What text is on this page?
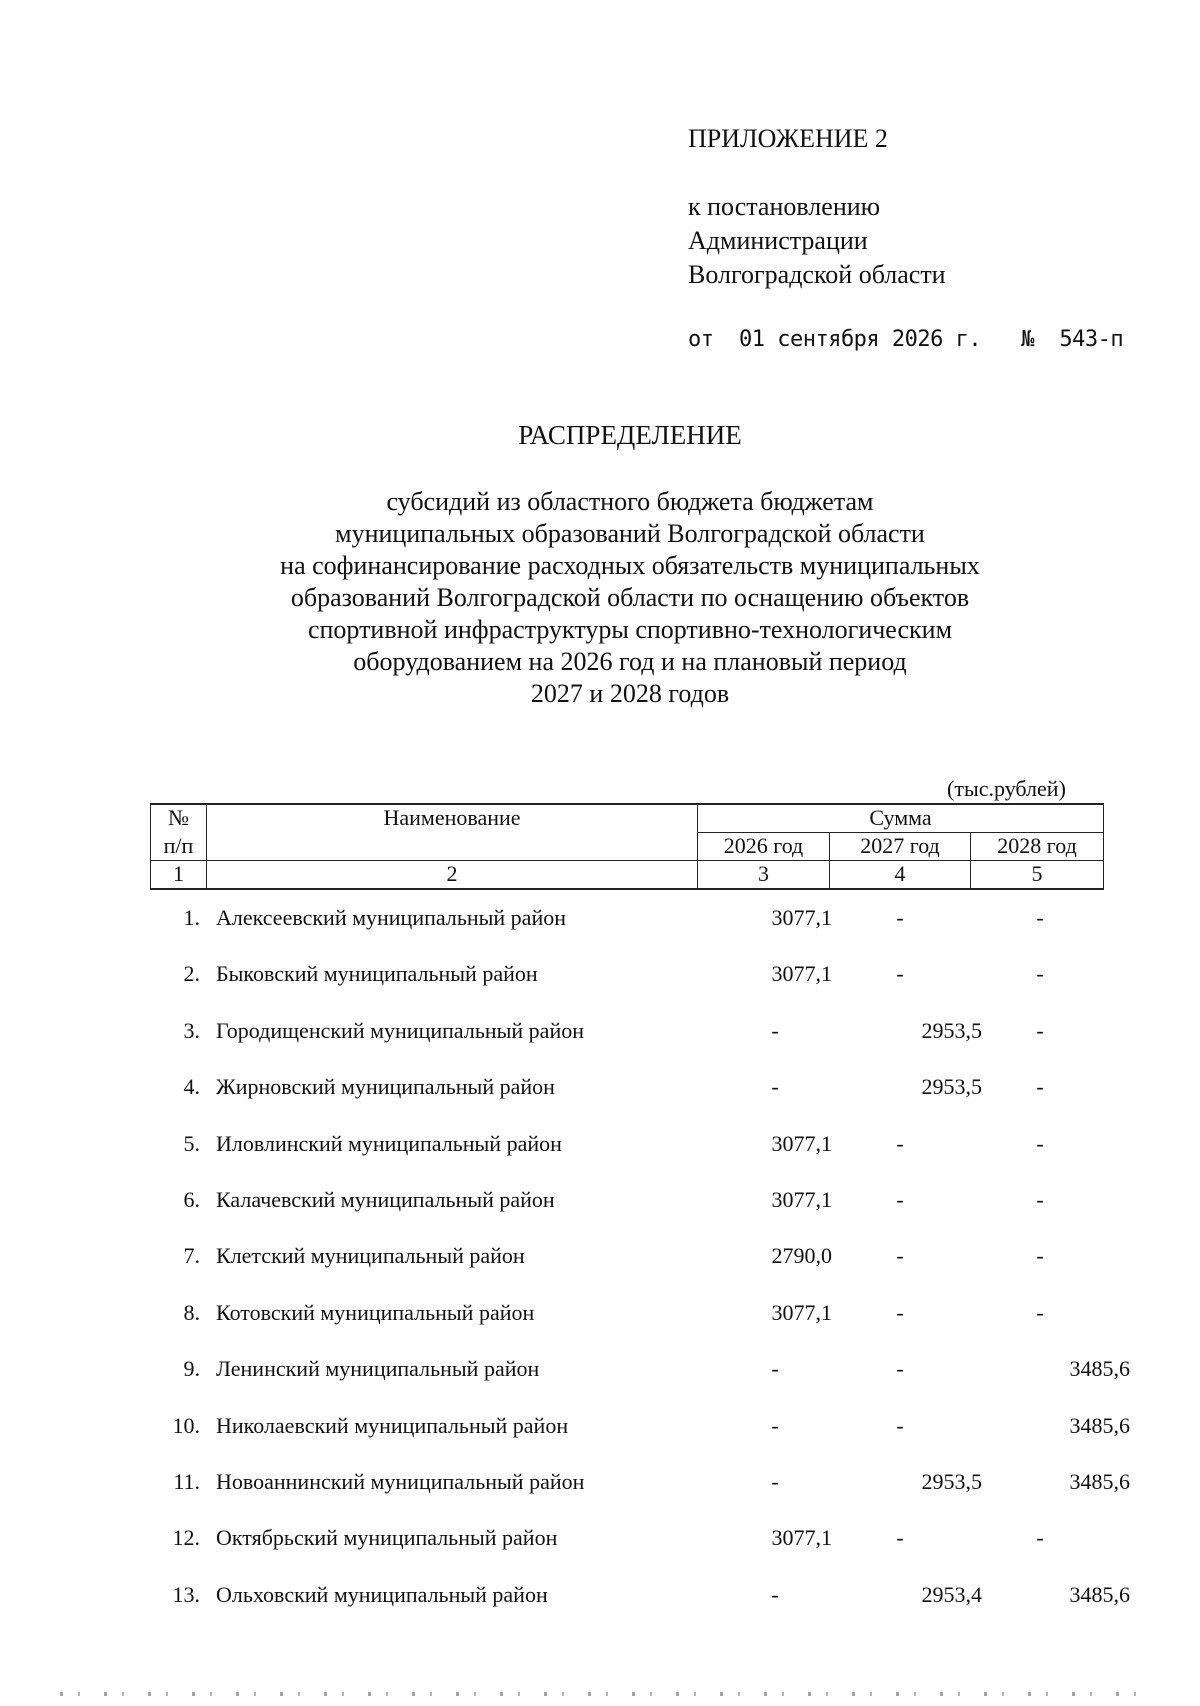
ПРИЛОЖЕНИЕ 2
к постановлению
Администрации
Волгоградской области
от  01 сентября 2026 г. №  543-п
РАСПРЕДЕЛЕНИЕ
субсидий из областного бюджета бюджетам
муниципальных образований Волгоградской области
на софинансирование расходных обязательств муниципальных
образований Волгоградской области по оснащению объектов
спортивной инфраструктуры спортивно-технологическим
оборудованием на 2026 год и на плановый период
2027 и 2028 годов
(тыс.рублей)
№	Наименование	Сумма		
п/п		2026 год	2027 год	2028 год
1	2	3	4	5
1. Алексеевский муниципальный район	3077,1	-	-
2. Быковский муниципальный район	3077,1	-	-
3. Городищенский муниципальный район	-	2953,5	-
4. Жирновский муниципальный район	-	2953,5	-
5. Иловлинский муниципальный район	3077,1	-	-
6. Калачевский муниципальный район	3077,1	-	-
7. Клетский муниципальный район	2790,0	-	-
8. Котовский муниципальный район	3077,1	-	-
9. Ленинский муниципальный район	-	-	3485,6
10. Николаевский муниципальный район	-	-	3485,6
11. Новоаннинский муниципальный район	-	2953,5	3485,6
12. Октябрьский муниципальный район	3077,1	-	-
13. Ольховский муниципальный район	-	2953,4	3485,6
